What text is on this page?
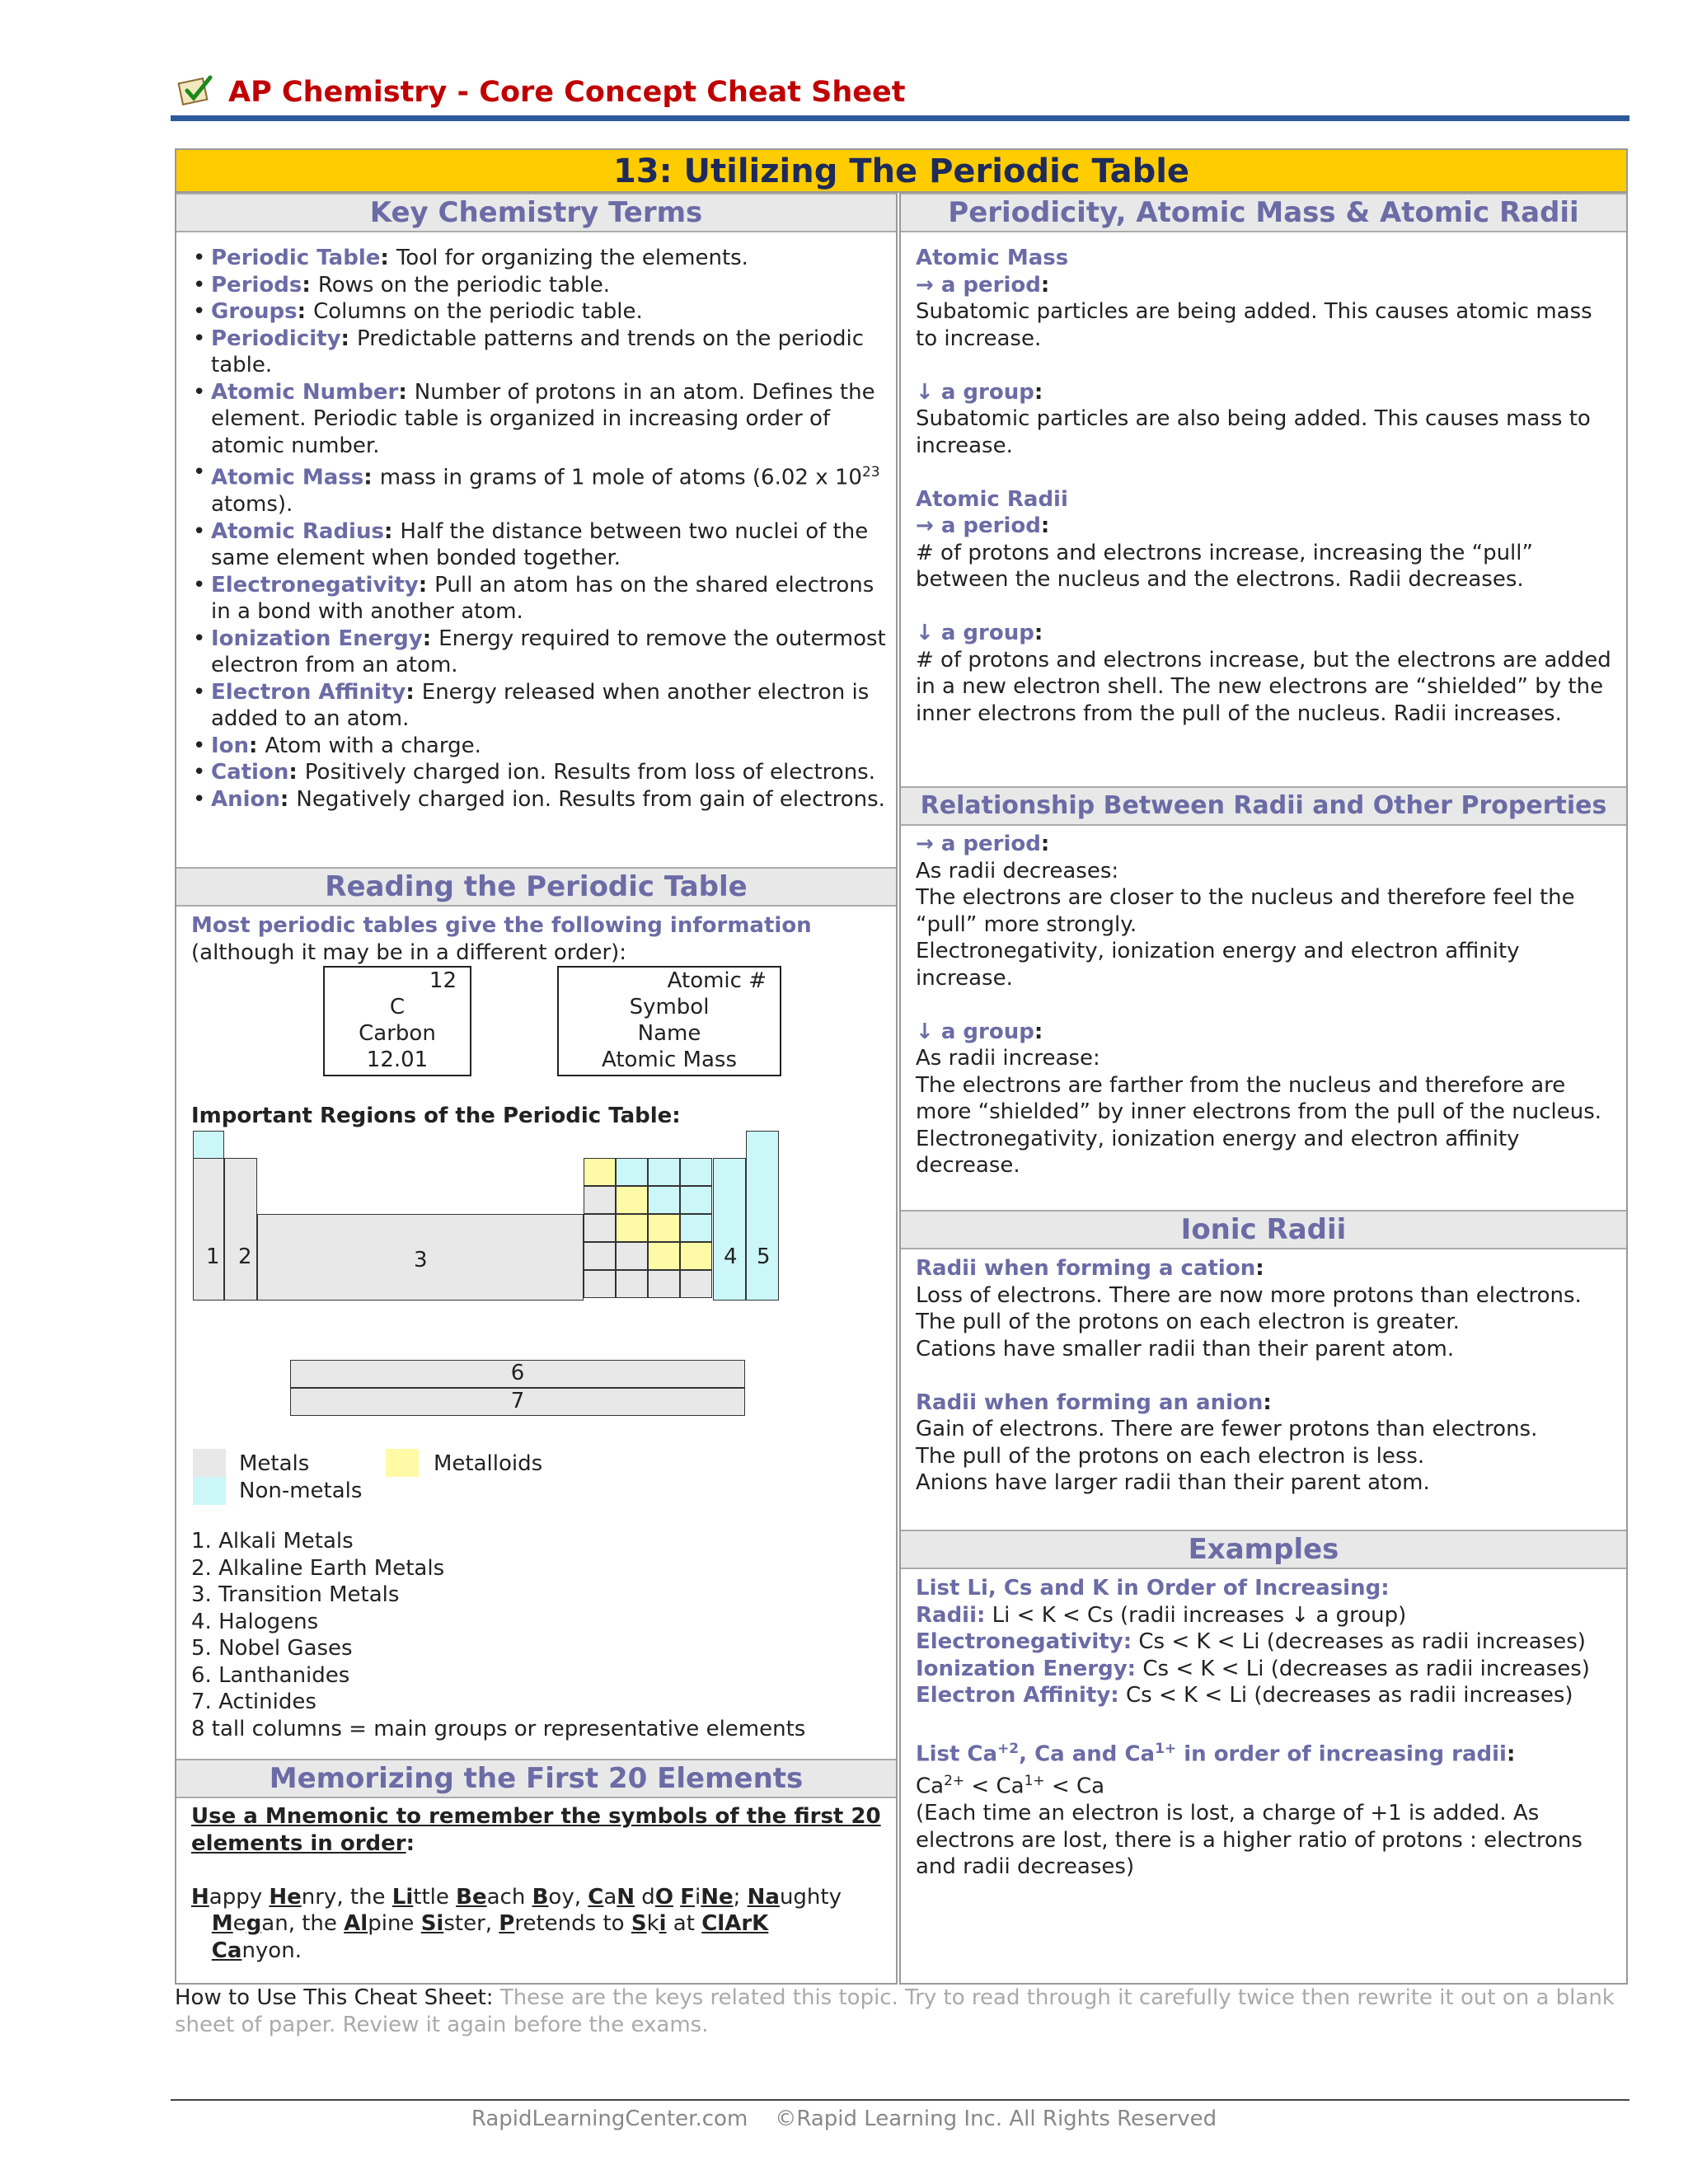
AP Chemistry - Core Concept Cheat Sheet
13: Utilizing The Periodic Table
Key Chemistry Terms
• Periodic Table: Tool for organizing the elements.
• Periods: Rows on the periodic table.
• Groups: Columns on the periodic table.
• Periodicity: Predictable patterns and trends on the periodic table.
• Atomic Number: Number of protons in an atom. Defines the element. Periodic table is organized in increasing order of atomic number.
• Atomic Mass: mass in grams of 1 mole of atoms (6.02 x $10^{23}$ atoms).
• Atomic Radius: Half the distance between two nuclei of the same element when bonded together.
• Electronegativity: Pull an atom has on the shared electrons in a bond with another atom.
• Ionization Energy: Energy required to remove the outermost electron from an atom.
• Electron Affinity: Energy released when another electron is added to an atom.
• Ion: Atom with a charge.
• Cation: Positively charged ion. Results from loss of electrons.
• Anion: Negatively charged ion. Results from gain of electrons.
Reading the Periodic Table
Most periodic tables give the following information
(although it may be in a different order):
12
C
Carbon
12.01
Atomic #
Symbol
Name
Atomic Mass
Important Regions of the Periodic Table:
1 2	3	4 5
6
7
Metals	Metalloids
Non-metals
1. Alkali Metals
2. Alkaline Earth Metals
3. Transition Metals
4. Halogens
5. Nobel Gases
6. Lanthanides
7. Actinides
8 tall columns = main groups or representative elements
Memorizing the First 20 Elements
Use a Mnemonic to remember the symbols of the first 20 elements in order:
Happy Henry, the Little Beach Boy, CaN dO FiNe; Naughty
Megan, the Alpine Sister, Pretends to Ski at ClArK
Canyon.
Periodicity, Atomic Mass & Atomic Radii
Atomic Mass
→ a period:
Subatomic particles are being added. This causes atomic mass to increase.
↓ a group:
Subatomic particles are also being added. This causes mass to increase.
Atomic Radii
→ a period:
# of protons and electrons increase, increasing the “pull” between the nucleus and the electrons. Radii decreases.
↓ a group:
# of protons and electrons increase, but the electrons are added in a new electron shell. The new electrons are “shielded” by the inner electrons from the pull of the nucleus. Radii increases.
Relationship Between Radii and Other Properties
→ a period:
As radii decreases:
The electrons are closer to the nucleus and therefore feel the “pull” more strongly.
Electronegativity, ionization energy and electron affinity increase.
↓ a group:
As radii increase:
The electrons are farther from the nucleus and therefore are more “shielded” by inner electrons from the pull of the nucleus.
Electronegativity, ionization energy and electron affinity decrease.
Ionic Radii
Radii when forming a cation:
Loss of electrons. There are now more protons than electrons. The pull of the protons on each electron is greater.
Cations have smaller radii than their parent atom.
Radii when forming an anion:
Gain of electrons. There are fewer protons than electrons.
The pull of the protons on each electron is less.
Anions have larger radii than their parent atom.
Examples
List Li, Cs and K in Order of Increasing:
Radii: Li < K < Cs (radii increases ↓ a group)
Electronegativity: Cs < K < Li (decreases as radii increases)
Ionization Energy: Cs < K < Li (decreases as radii increases)
Electron Affinity: Cs < K < Li (decreases as radii increases)
List $Ca^{+2}$, Ca and $Ca^{1+}$ in order of increasing radii:
$Ca^{2+} < Ca^{1+} < Ca$
(Each time an electron is lost, a charge of +1 is added. As electrons are lost, there is a higher ratio of protons : electrons and radii decreases)
How to Use This Cheat Sheet: These are the keys related this topic. Try to read through it carefully twice then rewrite it out on a blank sheet of paper. Review it again before the exams.
RapidLearningCenter.com ©Rapid Learning Inc. All Rights Reserved
